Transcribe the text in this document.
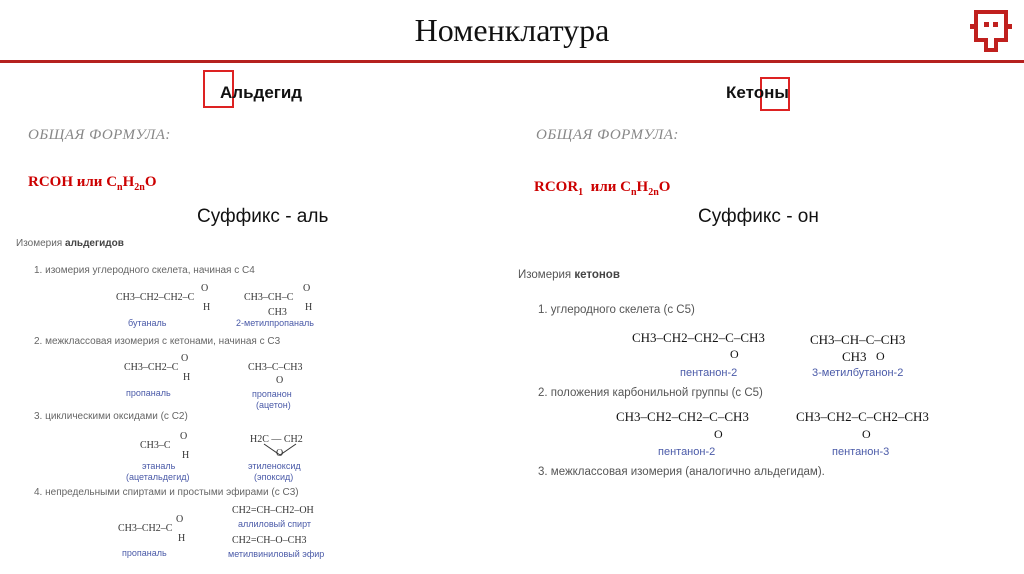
Номенклатура
Альдегид
ОБЩАЯ ФОРМУЛА:
RCOH или $C_nH_{2n}O$
Суффикс - аль
Изомерия альдегидов
1. изомерия углеродного скелета, начиная с C4
CH3–CH2–CH2–C
O
H
бутаналь
CH3–CH–C
O
H
CH3
2-метилпропаналь
2. межклассовая изомерия с кетонами, начиная с C3
CH3–CH2–C
O
H
пропаналь
CH3–C–CH3
O
пропанон
(ацетон)
3. циклическими оксидами (с C2)
CH3–C
O
H
этаналь
(ацетальдегид)
H2C — CH2
O
этиленоксид
(эпоксид)
4. непредельными спиртами и простыми эфирами (с C3)
CH3–CH2–C
O
H
пропаналь
CH2=CH–CH2–OH
аллиловый спирт
CH2=CH–O–CH3
метилвиниловый эфир
Кетоны
ОБЩАЯ ФОРМУЛА:
$RCOR_1$  или $C_nH_{2n}O$
Суффикс - он
Изомерия кетонов
1. углеродного скелета (с C5)
CH3–CH2–CH2–C–CH3
O
пентанон-2
CH3–CH–C–CH3
CH3 O
3-метилбутанон-2
2. положения карбонильной группы (с C5)
CH3–CH2–CH2–C–CH3
O
пентанон-2
CH3–CH2–C–CH2–CH3
O
пентанон-3
3. межклассовая изомерия (аналогично альдегидам).
